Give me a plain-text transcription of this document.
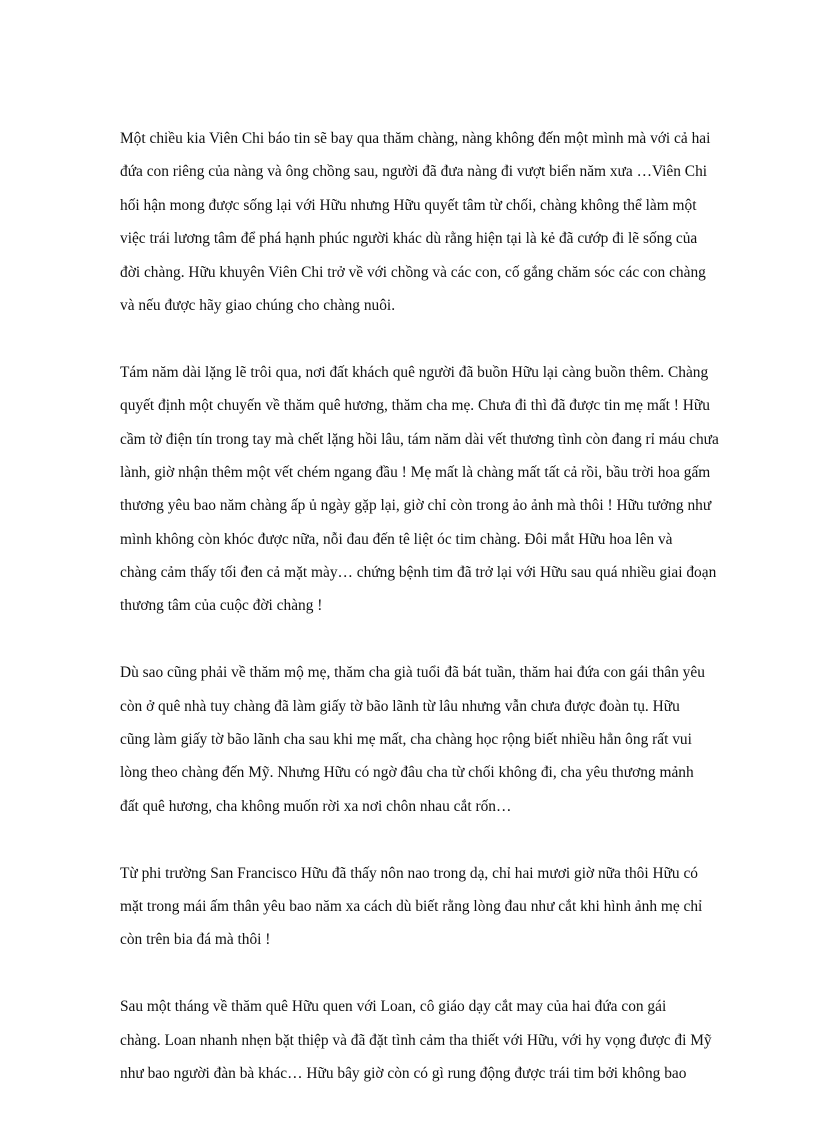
Một chiều kia Viên Chi báo tin sẽ bay qua thăm chàng, nàng không đến một mình mà với cả hai
đứa con riêng của nàng và ông chồng sau, người đã đưa nàng đi vượt biển năm xưa …Viên Chi
hối hận mong được sống lại với Hữu nhưng Hữu quyết tâm từ chối, chàng không thể làm một
việc trái lương tâm để phá hạnh phúc người khác dù rằng hiện tại là kẻ đã cướp đi lẽ sống của
đời chàng. Hữu khuyên Viên Chi trở về với chồng và các con, cố gắng chăm sóc các con chàng
và nếu được hãy giao chúng cho chàng nuôi.
Tám năm dài lặng lẽ trôi qua, nơi đất khách quê người đã buồn Hữu lại càng buồn thêm. Chàng
quyết định một chuyến về thăm quê hương, thăm cha mẹ. Chưa đi thì đã được tin mẹ mất ! Hữu
cầm tờ điện tín trong tay mà chết lặng hồi lâu, tám năm dài vết thương tình còn đang rỉ máu chưa
lành, giờ nhận thêm một vết chém ngang đầu ! Mẹ mất là chàng mất tất cả rồi, bầu trời hoa gấm
thương yêu bao năm chàng ấp ủ ngày gặp lại, giờ chỉ còn trong ảo ảnh mà thôi ! Hữu tưởng như
mình không còn khóc được nữa, nỗi đau đến tê liệt óc tim chàng. Đôi mắt Hữu hoa lên và
chàng cảm thấy tối đen cả mặt mày… chứng bệnh tim đã trở lại với Hữu sau quá nhiều giai đoạn
thương tâm của cuộc đời chàng !
Dù sao cũng phải về thăm mộ mẹ, thăm cha già tuổi đã bát tuần, thăm hai đứa con gái thân yêu
còn ở quê nhà tuy chàng đã làm giấy tờ bão lãnh từ lâu nhưng vẫn chưa được đoàn tụ. Hữu
cũng làm giấy tờ bão lãnh cha sau khi mẹ mất, cha chàng học rộng biết nhiều hẳn ông rất vui
lòng theo chàng đến Mỹ. Nhưng Hữu có ngờ đâu cha từ chối không đi, cha yêu thương mảnh
đất quê hương, cha không muốn rời xa nơi chôn nhau cắt rốn…
Từ phi trường San Francisco Hữu đã thấy nôn nao trong dạ, chỉ hai mươi giờ nữa thôi Hữu có
mặt trong mái ấm thân yêu bao năm xa cách dù biết rằng lòng đau như cắt khi hình ảnh mẹ chỉ
còn trên bia đá mà thôi !
Sau một tháng về thăm quê Hữu quen với Loan, cô giáo dạy cắt may của hai đứa con gái
chàng. Loan nhanh nhẹn bặt thiệp và đã đặt tình cảm tha thiết với Hữu, với hy vọng được đi Mỹ
như bao người đàn bà khác… Hữu bây giờ còn có gì rung động được trái tim bởi không bao
